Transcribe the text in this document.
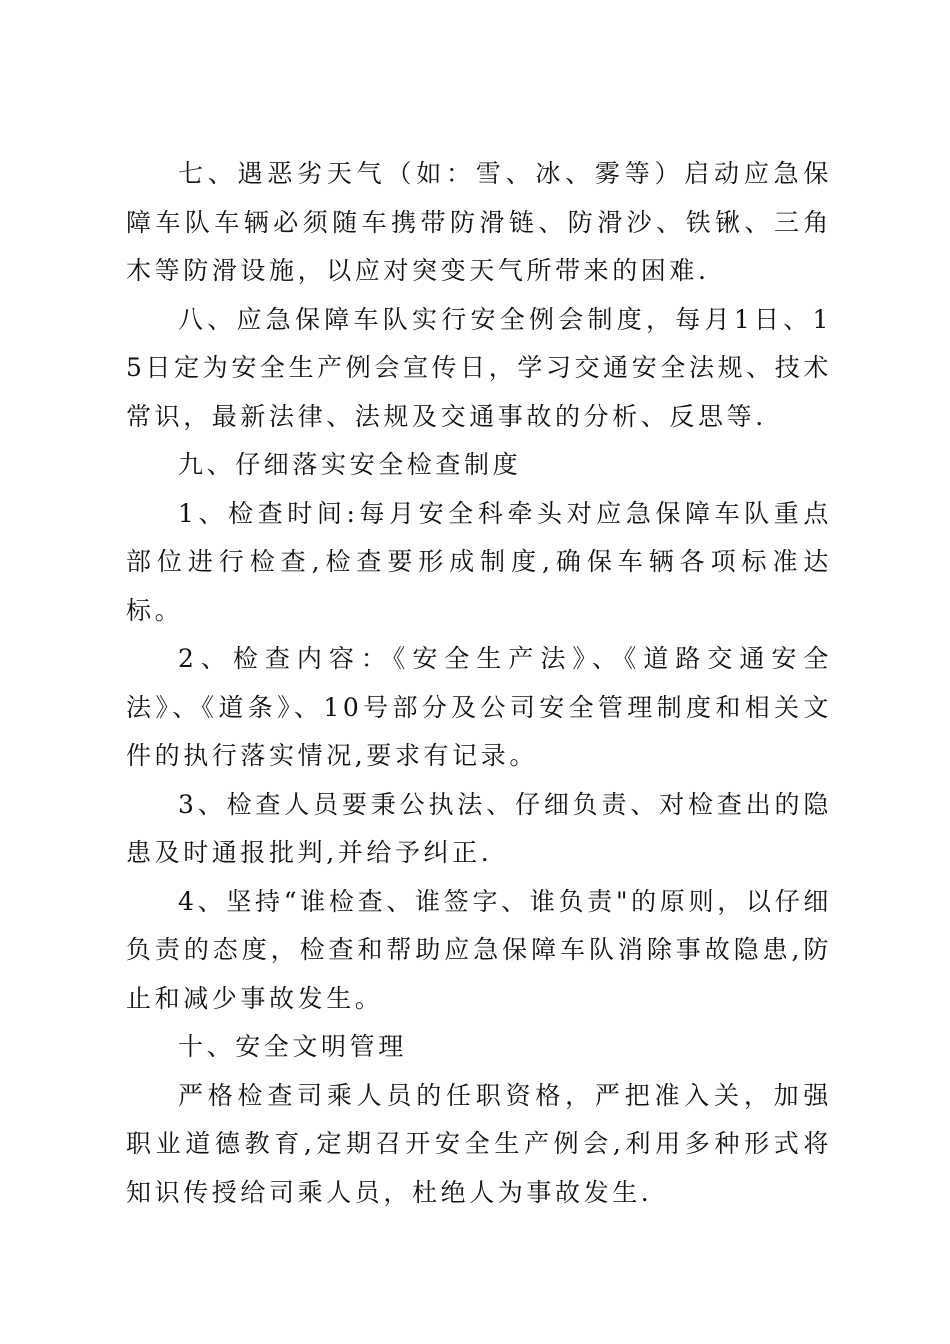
七、遇恶劣天气（如：雪、冰、雾等）启动应急保障车队车辆必须随车携带防滑链、防滑沙、铁锹、三角木等防滑设施，以应对突变天气所带来的困难.

八、应急保障车队实行安全例会制度，每月1日、15日定为安全生产例会宣传日，学习交通安全法规、技术常识，最新法律、法规及交通事故的分析、反思等.

九、仔细落实安全检查制度

1、检查时间:每月安全科牵头对应急保障车队重点部位进行检查,检查要形成制度,确保车辆各项标准达标。

2、检查内容：《安全生产法》、《道路交通安全法》、《道条》、10号部分及公司安全管理制度和相关文件的执行落实情况,要求有记录。

3、检查人员要秉公执法、仔细负责、对检查出的隐患及时通报批判,并给予纠正.

4、坚持“谁检查、谁签字、谁负责"的原则，以仔细负责的态度，检查和帮助应急保障车队消除事故隐患,防止和减少事故发生。

十、安全文明管理

严格检查司乘人员的任职资格，严把准入关，加强职业道德教育,定期召开安全生产例会,利用多种形式将知识传授给司乘人员，杜绝人为事故发生.
